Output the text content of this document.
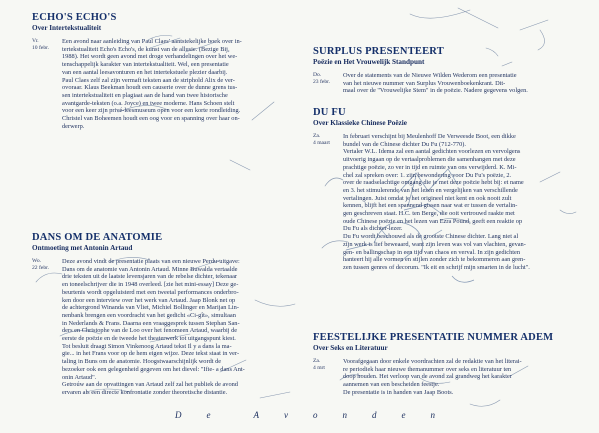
ECHO'S ECHO'S
Over Intertekstualiteit
Vr.
10 febr.

Een avond naar aanleiding van Paul Claes' aantstekelijke boek over in-

tertekstualiteit Echo's Echo's, de kunst van de allusie. (Bezige Bij,

1988). Het wordt geen avond met droge verhandelingen over het we-

tenschappelijk karakter van intertekstualiteit. Wel, een presentatie

van een aantal leesavonturen en het intertekstuele plezier daarbij.

Paul Claes zelf zal zijn vermaft teksten aan de striphold Alix de ver-

ovoraar. Klaus Beekman houdt een causerie over de dunne grens tus-

sen intertekstualiteit en plagiaat aan de hand van twee historische

avantgarde-teksten (o.a. Joyce) en twee moderne. Hans Schoen stelt

voor een keer zijn privé-leesmuseum open voor een korte rondleiding.

Christel van Boheemen houdt een oog voor en spanning over haar on-

derwerp.

DANS OM DE ANATOMIE
Ontmoeting met Antonin Artaud
Wo.
22 febr.

Deze avond vindt de presentatie plaats van een nieuwe Perdu-uitgave:

Dans om de anatomie van Antonin Artaud. Minne Buwalda vertaalde

drie teksten uit de laatste levensjaren van de rebelse dichter, tekenaar

en toneelschrijver die in 1948 overleed. [zie het mini-essay] Deze ge-

beurtenis wordt opgeluisterd met een tweetal performances onderbro-

ken door een interview over het werk van Artaud. Jaap Blonk net op

de achtergrond Winanda van Vliet, Michiel Bollinger en Marijan Lin-

nenbank brengen een voordracht van het gedicht «Ci-gît», simultaan

in Nederlands & Frans. Daarna een vraaggesprek tussen Stephan San-

ders en Christophe van de Loo over het fenomeen Artaud, waarbij de

eerste de poëzie en de tweede het theaterwerk tot uitgangspunt kiest.

Tot besluit draagt Simon Vinkenoog Artaud tekst Il y a dans la ma-

gie... in het Frans voor op de hem eigen wijze. Deze tekst staat in ver-

taling in Buns om de anatomie. Hoogstwaarschijnlijk wordt de

bezoeker ook een gelegenheid gegeven om het dievel: "Ifie- a dans Ant-

onin Artaud".

Getroúw aan de opvattingen van Artaud zelf zal het publiek de avond

ervaren als een directe konfrontatie zonder theoretische distantie.

SURPLUS PRESENTEERT
Poëzie en Het Vrouwelijk Standpunt
Do.
23 febr.

Over de statements van de Nieuwe Wilden Wederom een presentatie

van het nieuwe nummer van Surplus Vrouwenboekenkrant. Dit-

maal over de "Vrouwelijke Stem" in de poëzie. Nadere gegevens volgen.

DU FU
Over Klassieke Chinese Poëzie
Za.
4 maart

In februari verschijnt bij Meulenhoff De Verweesde Boot, een dikke

bundel van de Chinese dichter Du Fu (712-770).

Vertaler W.L. Idema zal een aantal gedichten voorlezen en vervolgens

uitvoerig ingaan op de vertaalproblemen die samenhangen met deze

prachtige poëzie, zo ver in tijd en ruimte van ons verwijderd. K. Mi-

chel zal spreken over: 1. zijn bewondering voor Du Fu's poëzie, 2.

over de raadselachtige omgang die je met deze poëzie hebt bij: et name

en 3. het stimulerende van het lezen en vergelijken van verschillende

vertalingen. Juist omdat je het origineel niet kent en ook nooit zult

kennen, blijft het een spannend gissen naar wat er tussen de vertalin-

gen geschreven staat. H.C. ten Berge, die ooit vertrouwd raakte met

oude Chinese poëzie en het lezen van Ezra Pound, geeft een reaktie op

Du Fu als dichter-lezer.

Du Fu wordt beschouwd als de grootste Chinese dichter. Lang niet al

zijn werk is lief beweaard, want zijn leven was vol van vlachten, gevan-

gen- en ballingschap in een tijd van chaos en verval. In zijn gedichten

hanteert hij alle vormen en stijlen zonder zich te bekommeren aan gren-

zen tussen genres of decorum. "Ik eit en schrijf mijn smarten in de lucht".

FEESTELIJKE PRESENTATIE NUMMER ADEM
Over Seks en Literatuur
Za.
4 mrt

Voorafgegaan door enkele voordrachten zal de redaktie van het literai-

re periodiek haar nieuwe themanummer over seks en literatuur ten

doop houden. Het verloop van de avond zal grandweg het karakter

aannemen van een bescheiden feestje.

De presentatie is in handen van Jaap Boots.

D	e	A	v	o	n	d	e	n
